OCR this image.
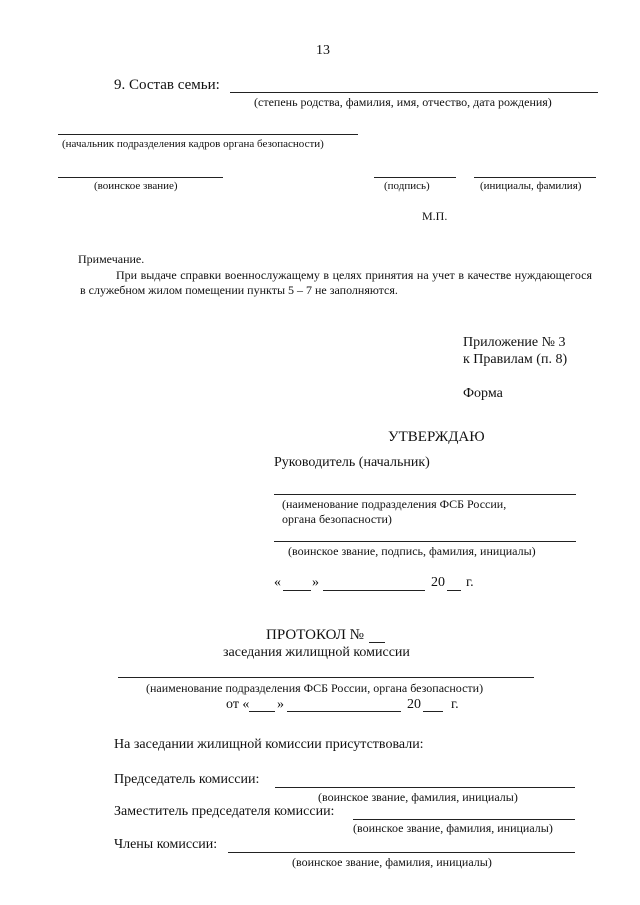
13
9. Состав семьи:
(степень родства, фамилия, имя, отчество, дата рождения)
(начальник подразделения кадров органа безопасности)
(воинское звание)	(подпись)	(инициалы, фамилия)
М.П.
Примечание.
При выдаче справки военнослужащему в целях принятия на учет в качестве нуждающегося в служебном жилом помещении пункты 5 – 7 не заполняются.
Приложение № 3
к Правилам (п. 8)
Форма
УТВЕРЖДАЮ
Руководитель (начальник)
(наименование подразделения ФСБ России,
органа безопасности)
(воинское звание, подпись, фамилия, инициалы)
« »	20 г.
ПРОТОКОЛ №
заседания жилищной комиссии
(наименование подразделения ФСБ России, органа безопасности)
от « »	20 г.
На заседании жилищной комиссии присутствовали:
Председатель комиссии:
(воинское звание, фамилия, инициалы)
Заместитель председателя комиссии:
(воинское звание, фамилия, инициалы)
Члены комиссии:
(воинское звание, фамилия, инициалы)
